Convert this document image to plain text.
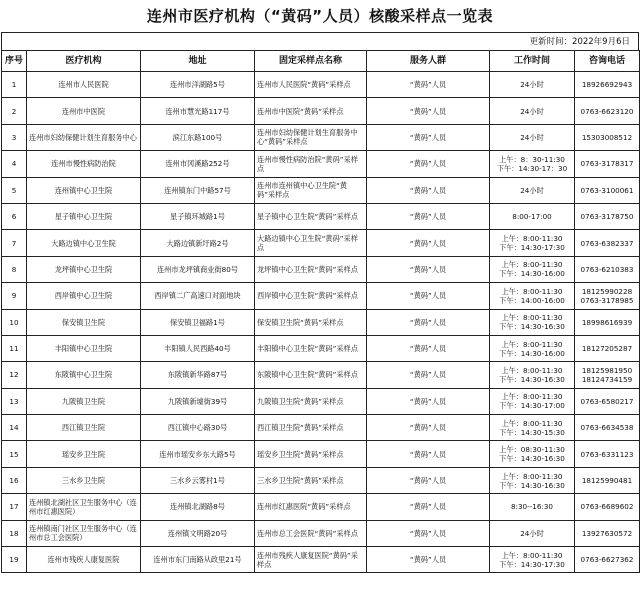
连州市医疗机构（“黄码”人员）核酸采样点一览表
更新时间：2022年9月6日
序号	医疗机构	地址	固定采样点名称	服务人群	工作时间	咨询电话
1	连州市人民医院	连州市洋湖路5号	连州市人民医院“黄码”采样点	“黄码”人员	24小时	18926692943
2	连州市中医院	连州市慧光路117号	连州市中医院“黄码”采样点	“黄码”人员	24小时	0763-6623120
3	连州市妇幼保健计划生育服务中心	滨江东路100号	连州市妇幼保健计划生育服务中心“黄码”采样点	“黄码”人员	24小时	15303008512
4	连州市慢性病防治院	连州市冈溪路252号	连州市慢性病防治院“黄码”采样点	“黄码”人员	上午：8：30-11:30
下午：14:30-17：30	0763-3178317
5	连州镇中心卫生院	连州镇东门中路57号	连州市连州镇中心卫生院“黄码”采样点	“黄码”人员	24小时	0763-3100061
6	星子镇中心卫生院	星子镇环城路1号	星子镇中心卫生院“黄码”采样点	“黄码”人员	8:00-17:00	0763-3178750
7	大路边镇中心卫生院	大路边镇新圩路2号	大路边镇中心卫生院“黄码”采样点	“黄码”人员	上午：8:00-11:30
下午：14:30-17:30	0763-6382337
8	龙坪镇中心卫生院	连州市龙坪镇商业街80号	龙坪镇中心卫生院“黄码”采样点	“黄码”人员	上午：8:00-11:30
下午：14:30-16:00	0763-6210383
9	西岸镇中心卫生院	西岸镇二广高速口对面地块	西岸镇中心卫生院“黄码”采样点	“黄码”人员	上午：8:00-11:30
下午：14:00-16:00	18125990228
0763-3178985
10	保安镇卫生院	保安镇卫福路1号	保安镇卫生院“黄码”采样点	“黄码”人员	上午：8:00-11:30
下午：14:30-16:30	18998616939
11	丰阳镇中心卫生院	丰阳镇人民西路40号	丰阳镇中心卫生院“黄码”采样点	“黄码”人员	上午：8:00-11:30
下午：14:30-16:00	18127205287
12	东陂镇中心卫生院	东陂镇新华路87号	东陂镇中心卫生院“黄码”采样点	“黄码”人员	上午：8:00-11:30
下午：14:30-16:30	18125981950
18124734159
13	九陂镇卫生院	九陂镇新墟街39号	九陂镇卫生院“黄码”采样点	“黄码”人员	上午：8:00-11:30
下午：14:30-17:00	0763-6580217
14	西江镇卫生院	西江镇中心路30号	西江镇卫生院“黄码”采样点	“黄码”人员	上午：8:00-11:30
下午：14:30-15:30	0763-6634538
15	瑶安乡卫生院	连州市瑶安乡东大路5号	瑶安乡卫生院“黄码”采样点	“黄码”人员	上午：08:30-11:30
下午：14:30-16:30	0763-6331123
16	三水乡卫生院	三水乡云雾村1号	三水乡卫生院“黄码”采样点	“黄码”人员	上午：8:00-11:30
下午：14:30-16:30	18125990481
17	连州镇北湖社区卫生服务中心（连州市红惠医院）	连州镇北湖路8号	连州市红惠医院“黄码”采样点	“黄码”人员	8:30--16:30	0763-6689602
18	连州镇南门社区卫生服务中心（连州市总工会医院）	连州镇文明路20号	连州市总工会医院“黄码”采样点	“黄码”人员	24小时	13927630572
19	连州市残疾人康复医院	连州市东门南路从政里21号	连州市残疾人康复医院“黄码”采样点	“黄码”人员	上午：8:00-11:30
下午：14:30-17:30	0763-6627362
